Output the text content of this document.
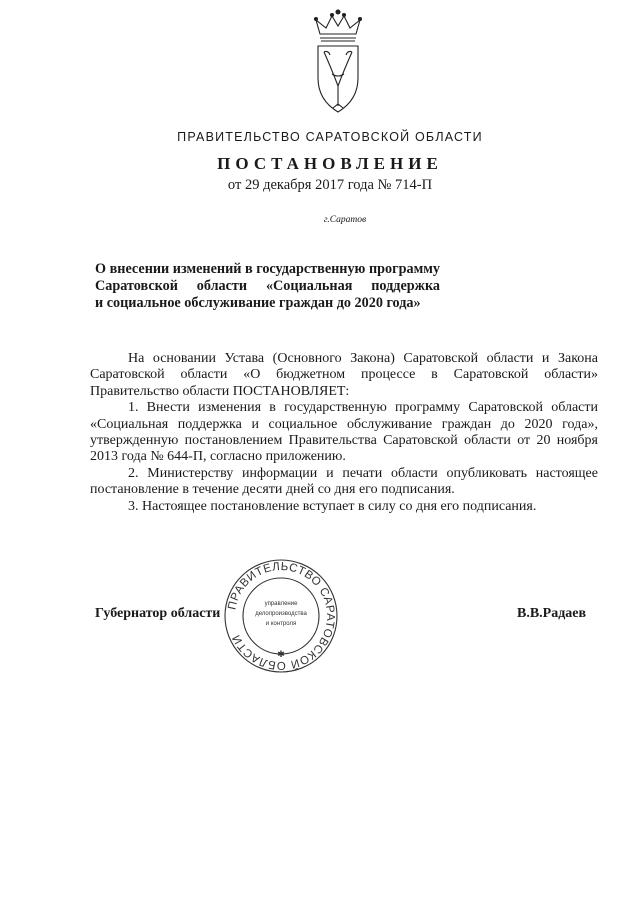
ПРАВИТЕЛЬСТВО САРАТОВСКОЙ ОБЛАСТИ
ПОСТАНОВЛЕНИЕ
от 29 декабря 2017 года № 714-П
г.Саратов
О внесении изменений в государственную программу
Саратовской области «Социальная поддержка
и социальное обслуживание граждан до 2020 года»

На основании Устава (Основного Закона) Саратовской области и Закона Саратовской области «О бюджетном процессе в Саратовской области» Правительство области ПОСТАНОВЛЯЕТ:

1. Внести изменения в государственную программу Саратовской области «Социальная поддержка и социальное обслуживание граждан до 2020 года», утвержденную постановлением Правительства Саратовской области от 20 ноября 2013 года № 644-П, согласно приложению.

2. Министерству информации и печати области опубликовать настоящее постановление в течение десяти дней со дня его подписания.

3. Настоящее постановление вступает в силу со дня его подписания.

ПРАВИТЕЛЬСТВО САРАТОВСКОЙ ОБЛАСТИ
управление
делопроизводства
и контроля
✱
Губернатор области	В.В.Радаев
